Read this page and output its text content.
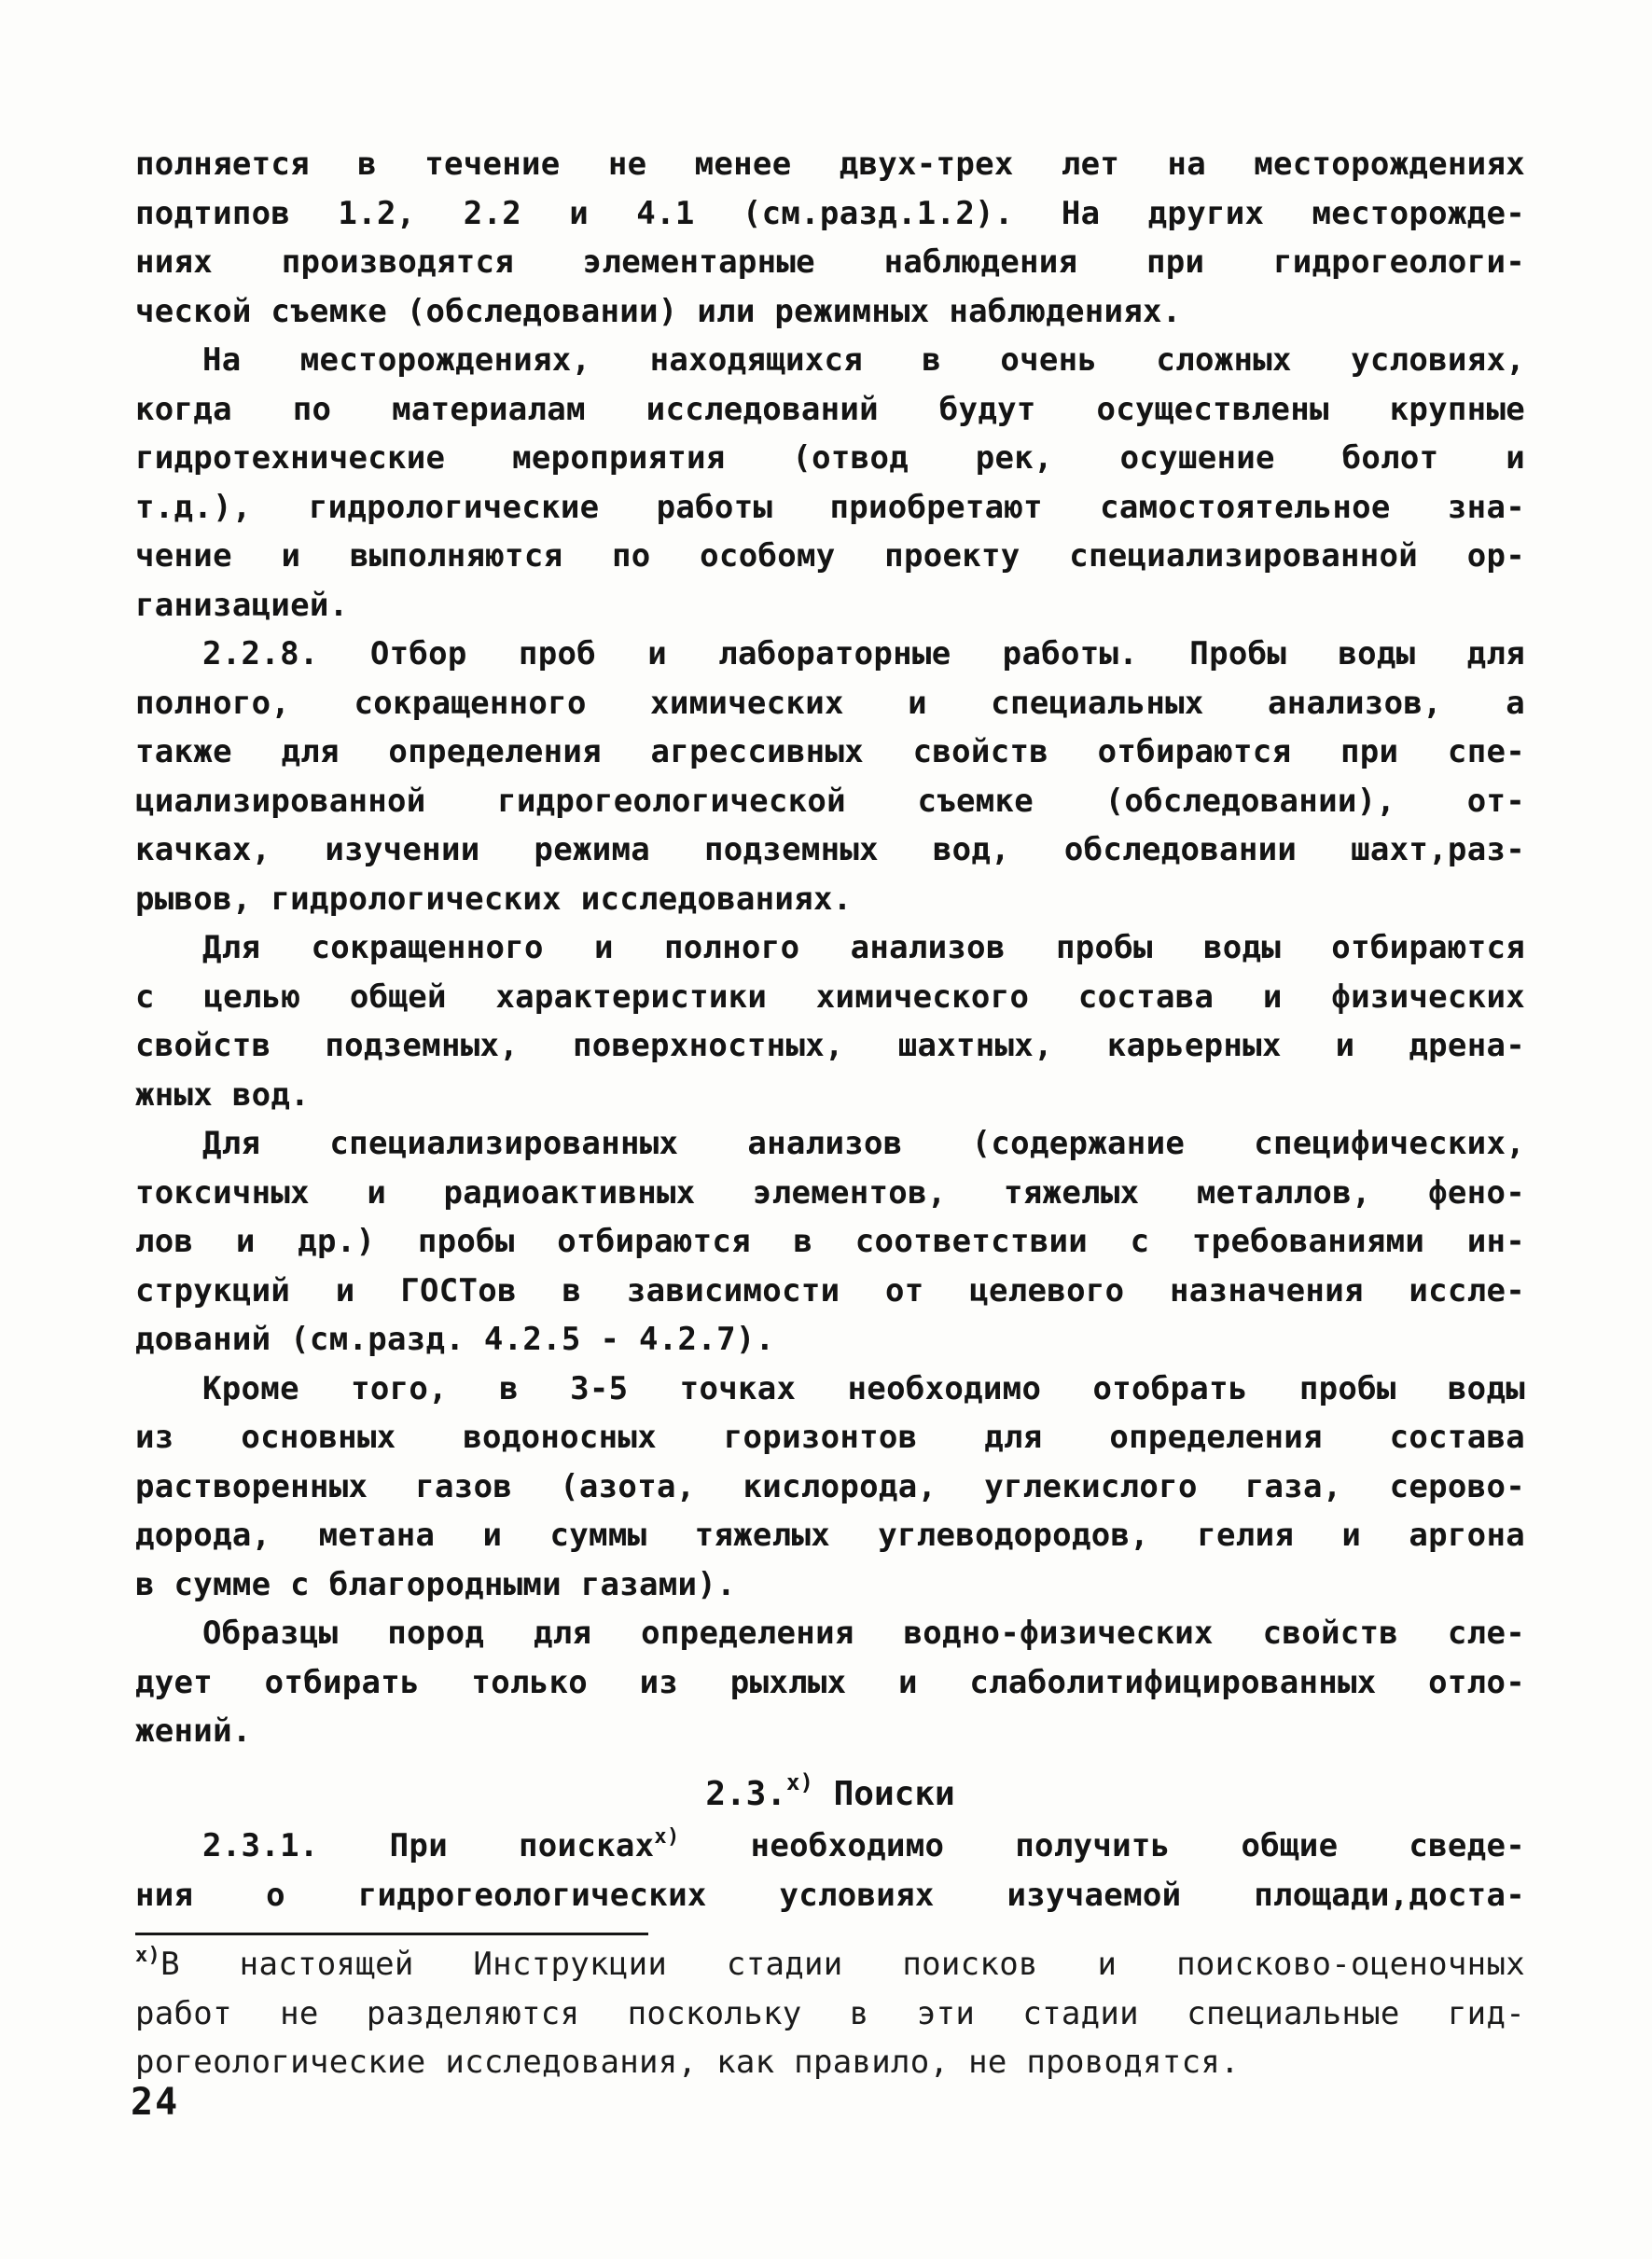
полняется в течение не менее двух-трех лет на месторождениях
подтипов 1.2, 2.2 и 4.1 (см.разд.1.2). На других месторожде-
ниях производятся элементарные наблюдения при гидрогеологи-
ческой съемке (обследовании) или режимных наблюдениях.
На месторождениях, находящихся в очень сложных условиях,
когда по материалам исследований будут осуществлены крупные
гидротехнические мероприятия (отвод рек, осушение болот и
т.д.), гидрологические работы приобретают самостоятельное зна-
чение и выполняются по особому проекту специализированной ор-
ганизацией.
2.2.8. Отбор проб и лабораторные работы. Пробы воды для
полного, сокращенного химических и специальных анализов, а
также для определения агрессивных свойств отбираются при спе-
циализированной гидрогеологической съемке (обследовании), от-
качках, изучении режима подземных вод, обследовании шахт,раз-
рывов, гидрологических исследованиях.
Для сокращенного и полного анализов пробы воды отбираются
с целью общей характеристики химического состава и физических
свойств подземных, поверхностных, шахтных, карьерных и дрена-
жных вод.
Для специализированных анализов (содержание специфических,
токсичных и радиоактивных элементов, тяжелых металлов, фено-
лов и др.) пробы отбираются в соответствии с требованиями ин-
струкций и ГОСТов в зависимости от целевого назначения иссле-
дований (см.разд. 4.2.5 - 4.2.7).
Кроме того, в 3-5 точках необходимо отобрать пробы воды
из основных водоносных горизонтов для определения состава
растворенных газов (азота, кислорода, углекислого газа, серово-
дорода, метана и суммы тяжелых углеводородов, гелия и аргона
в сумме с благородными газами).
Образцы пород для определения водно-физических свойств сле-
дует отбирать только из рыхлых и слаболитифицированных отло-
жений.
2.3.$^{x)}$ Поиски
2.3.1. При поисках$^{x)}$ необходимо получить общие сведе-
ния о гидрогеологических условиях изучаемой площади,доста-
$^{x)}$В настоящей Инструкции стадии поисков и поисково-оценочных
работ не разделяются поскольку в эти стадии специальные гид-
рогеологические исследования, как правило, не проводятся.
24
